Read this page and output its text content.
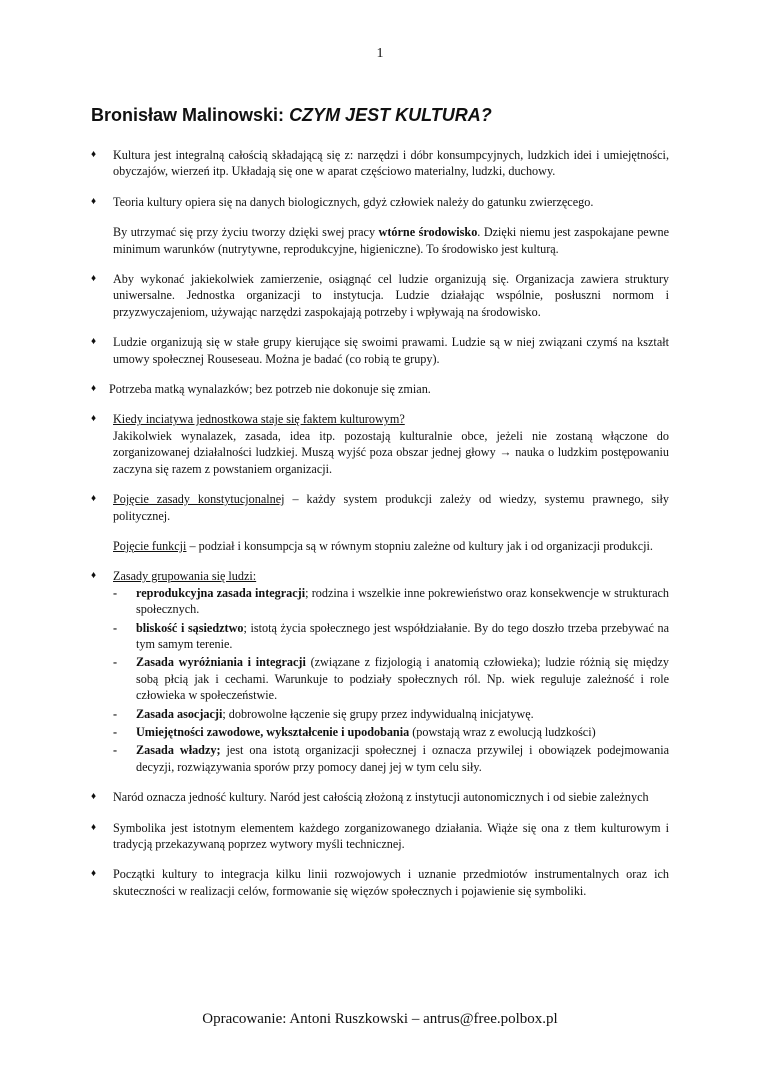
1
Bronisław Malinowski: CZYM JEST KULTURA?
♦ Kultura jest integralną całością składającą się z: narzędzi i dóbr konsumpcyjnych, ludzkich idei i umiejętności, obyczajów, wierzeń itp. Układają się one w aparat częściowo materialny, ludzki, duchowy.

♦ Teoria kultury opiera się na danych biologicznych, gdyż człowiek należy do gatunku zwierzęcego.

By utrzymać się przy życiu tworzy dzięki swej pracy wtórne środowisko. Dzięki niemu jest zaspokajane pewne minimum warunków (nutrytywne, reprodukcyjne, higieniczne). To środowisko jest kulturą.

♦ Aby wykonać jakiekolwiek zamierzenie, osiągnąć cel ludzie organizują się. Organizacja zawiera struktury uniwersalne. Jednostka organizacji to instytucja. Ludzie działając wspólnie, posłuszni normom i przyzwyczajeniom, używając narzędzi zaspokajają potrzeby i wpływają na środowisko.

♦ Ludzie organizują się w stałe grupy kierujące się swoimi prawami. Ludzie są w niej związani czymś na kształt umowy społecznej Rouseseau. Można je badać (co robią te grupy).

♦ Potrzeba matką wynalazków; bez potrzeb nie dokonuje się zmian.

♦ Kiedy inciatywa jednostkowa staje się faktem kulturowym?

Jakikolwiek wynalazek, zasada, idea itp. pozostają kulturalnie obce, jeżeli nie zostaną włączone do zorganizowanej działalności ludzkiej. Muszą wyjść poza obszar jednej głowy → nauka o ludzkim postępowaniu zaczyna się razem z powstaniem organizacji.

♦ Pojęcie zasady konstytucjonalnej – każdy system produkcji zależy od wiedzy, systemu prawnego, siły politycznej.

Pojęcie funkcji – podział i konsumpcja są w równym stopniu zależne od kultury jak i od organizacji produkcji.

♦ Zasady grupowania się ludzi:

- reprodukcyjna zasada integracji; rodzina i wszelkie inne pokrewieństwo oraz konsekwencje w strukturach społecznych.
- bliskość i sąsiedztwo; istotą życia społecznego jest współdziałanie. By do tego doszło trzeba przebywać na tym samym terenie.
- Zasada wyróżniania i integracji (związane z fizjologią i anatomią człowieka); ludzie różnią się między sobą płcią jak i cechami. Warunkuje to podziały społecznych ról. Np. wiek reguluje zależność i role człowieka w społeczeństwie.
- Zasada asocjacji; dobrowolne łączenie się grupy przez indywidualną inicjatywę.
- Umiejętności zawodowe, wykształcenie i upodobania (powstają wraz z ewolucją ludzkości)
- Zasada władzy; jest ona istotą organizacji społecznej i oznacza przywilej i obowiązek podejmowania decyzji, rozwiązywania sporów przy pomocy danej jej w tym celu siły.
♦ Naród oznacza jedność kultury. Naród jest całością złożoną z instytucji autonomicznych i od siebie zależnych

♦ Symbolika jest istotnym elementem każdego zorganizowanego działania. Wiąże się ona z tłem kulturowym i tradycją przekazywaną poprzez wytwory myśli technicznej.

♦ Początki kultury to integracja kilku linii rozwojowych i uznanie przedmiotów instrumentalnych oraz ich skuteczności w realizacji celów, formowanie się więzów społecznych i pojawienie się symboliki.

Opracowanie: Antoni Ruszkowski – antrus@free.polbox.pl
